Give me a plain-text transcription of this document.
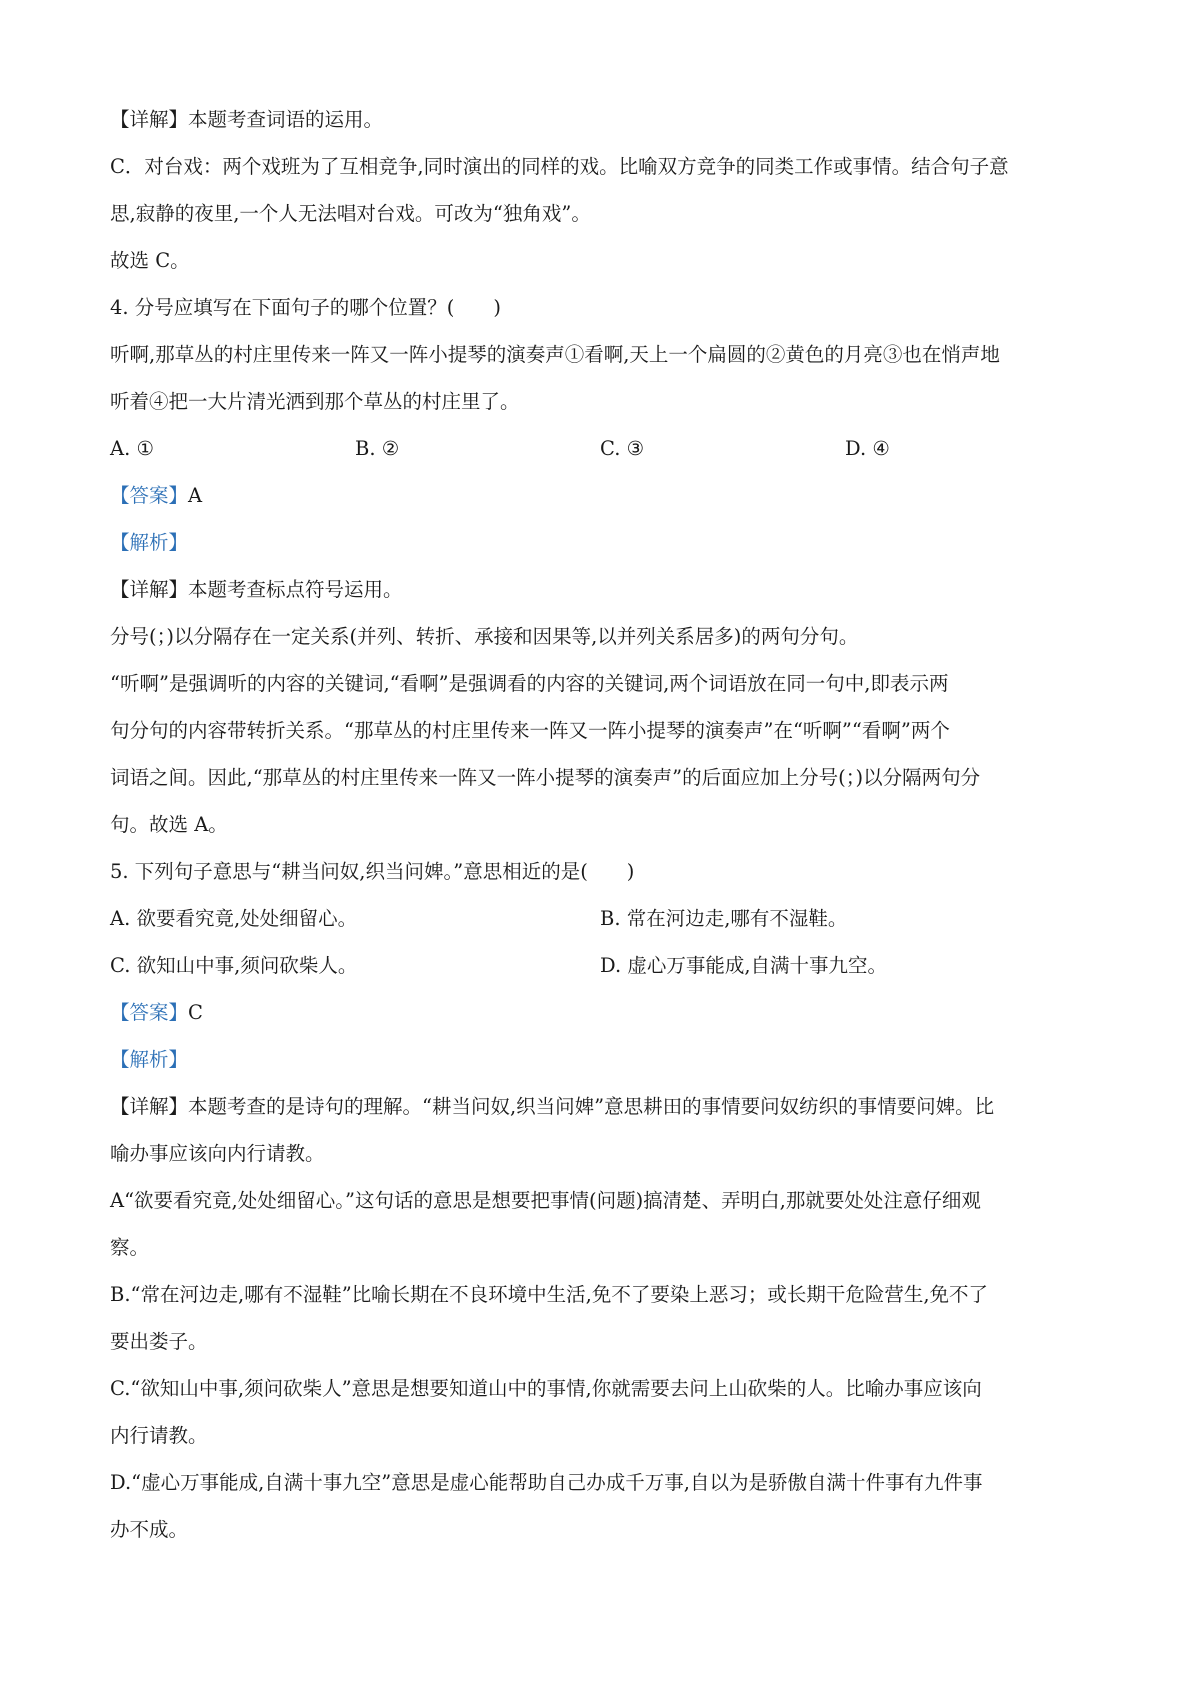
【详解】本题考查词语的运用。

C．对台戏：两个戏班为了互相竞争,同时演出的同样的戏。比喻双方竞争的同类工作或事情。结合句子意

思,寂静的夜里,一个人无法唱对台戏。可改为“独角戏”。

故选 C。

4. 分号应填写在下面句子的哪个位置？(　　)

听啊,那草丛的村庄里传来一阵又一阵小提琴的演奏声①看啊,天上一个扁圆的②黄色的月亮③也在悄声地

听着④把一大片清光洒到那个草丛的村庄里了。

A. ①	B. ②	C. ③	D. ④

【答案】A

【解析】

【详解】本题考查标点符号运用。

分号(；)以分隔存在一定关系(并列、转折、承接和因果等,以并列关系居多)的两句分句。

“听啊”是强调听的内容的关键词,“看啊”是强调看的内容的关键词,两个词语放在同一句中,即表示两

句分句的内容带转折关系。“那草丛的村庄里传来一阵又一阵小提琴的演奏声”在“听啊”“看啊”两个

词语之间。因此,“那草丛的村庄里传来一阵又一阵小提琴的演奏声”的后面应加上分号(；)以分隔两句分

句。故选 A。

5. 下列句子意思与“耕当问奴,织当问婢。”意思相近的是(　　)

A. 欲要看究竟,处处细留心。	B. 常在河边走,哪有不湿鞋。
C. 欲知山中事,须问砍柴人。	D. 虚心万事能成,自满十事九空。

【答案】C

【解析】

【详解】本题考查的是诗句的理解。“耕当问奴,织当问婢”意思耕田的事情要问奴纺织的事情要问婢。比

喻办事应该向内行请教。

A“欲要看究竟,处处细留心。”这句话的意思是想要把事情(问题)搞清楚、弄明白,那就要处处注意仔细观

察。

B.“常在河边走,哪有不湿鞋”比喻长期在不良环境中生活,免不了要染上恶习；或长期干危险营生,免不了

要出娄子。

C.“欲知山中事,须问砍柴人”意思是想要知道山中的事情,你就需要去问上山砍柴的人。比喻办事应该向

内行请教。

D.“虚心万事能成,自满十事九空”意思是虚心能帮助自己办成千万事,自以为是骄傲自满十件事有九件事

办不成。
